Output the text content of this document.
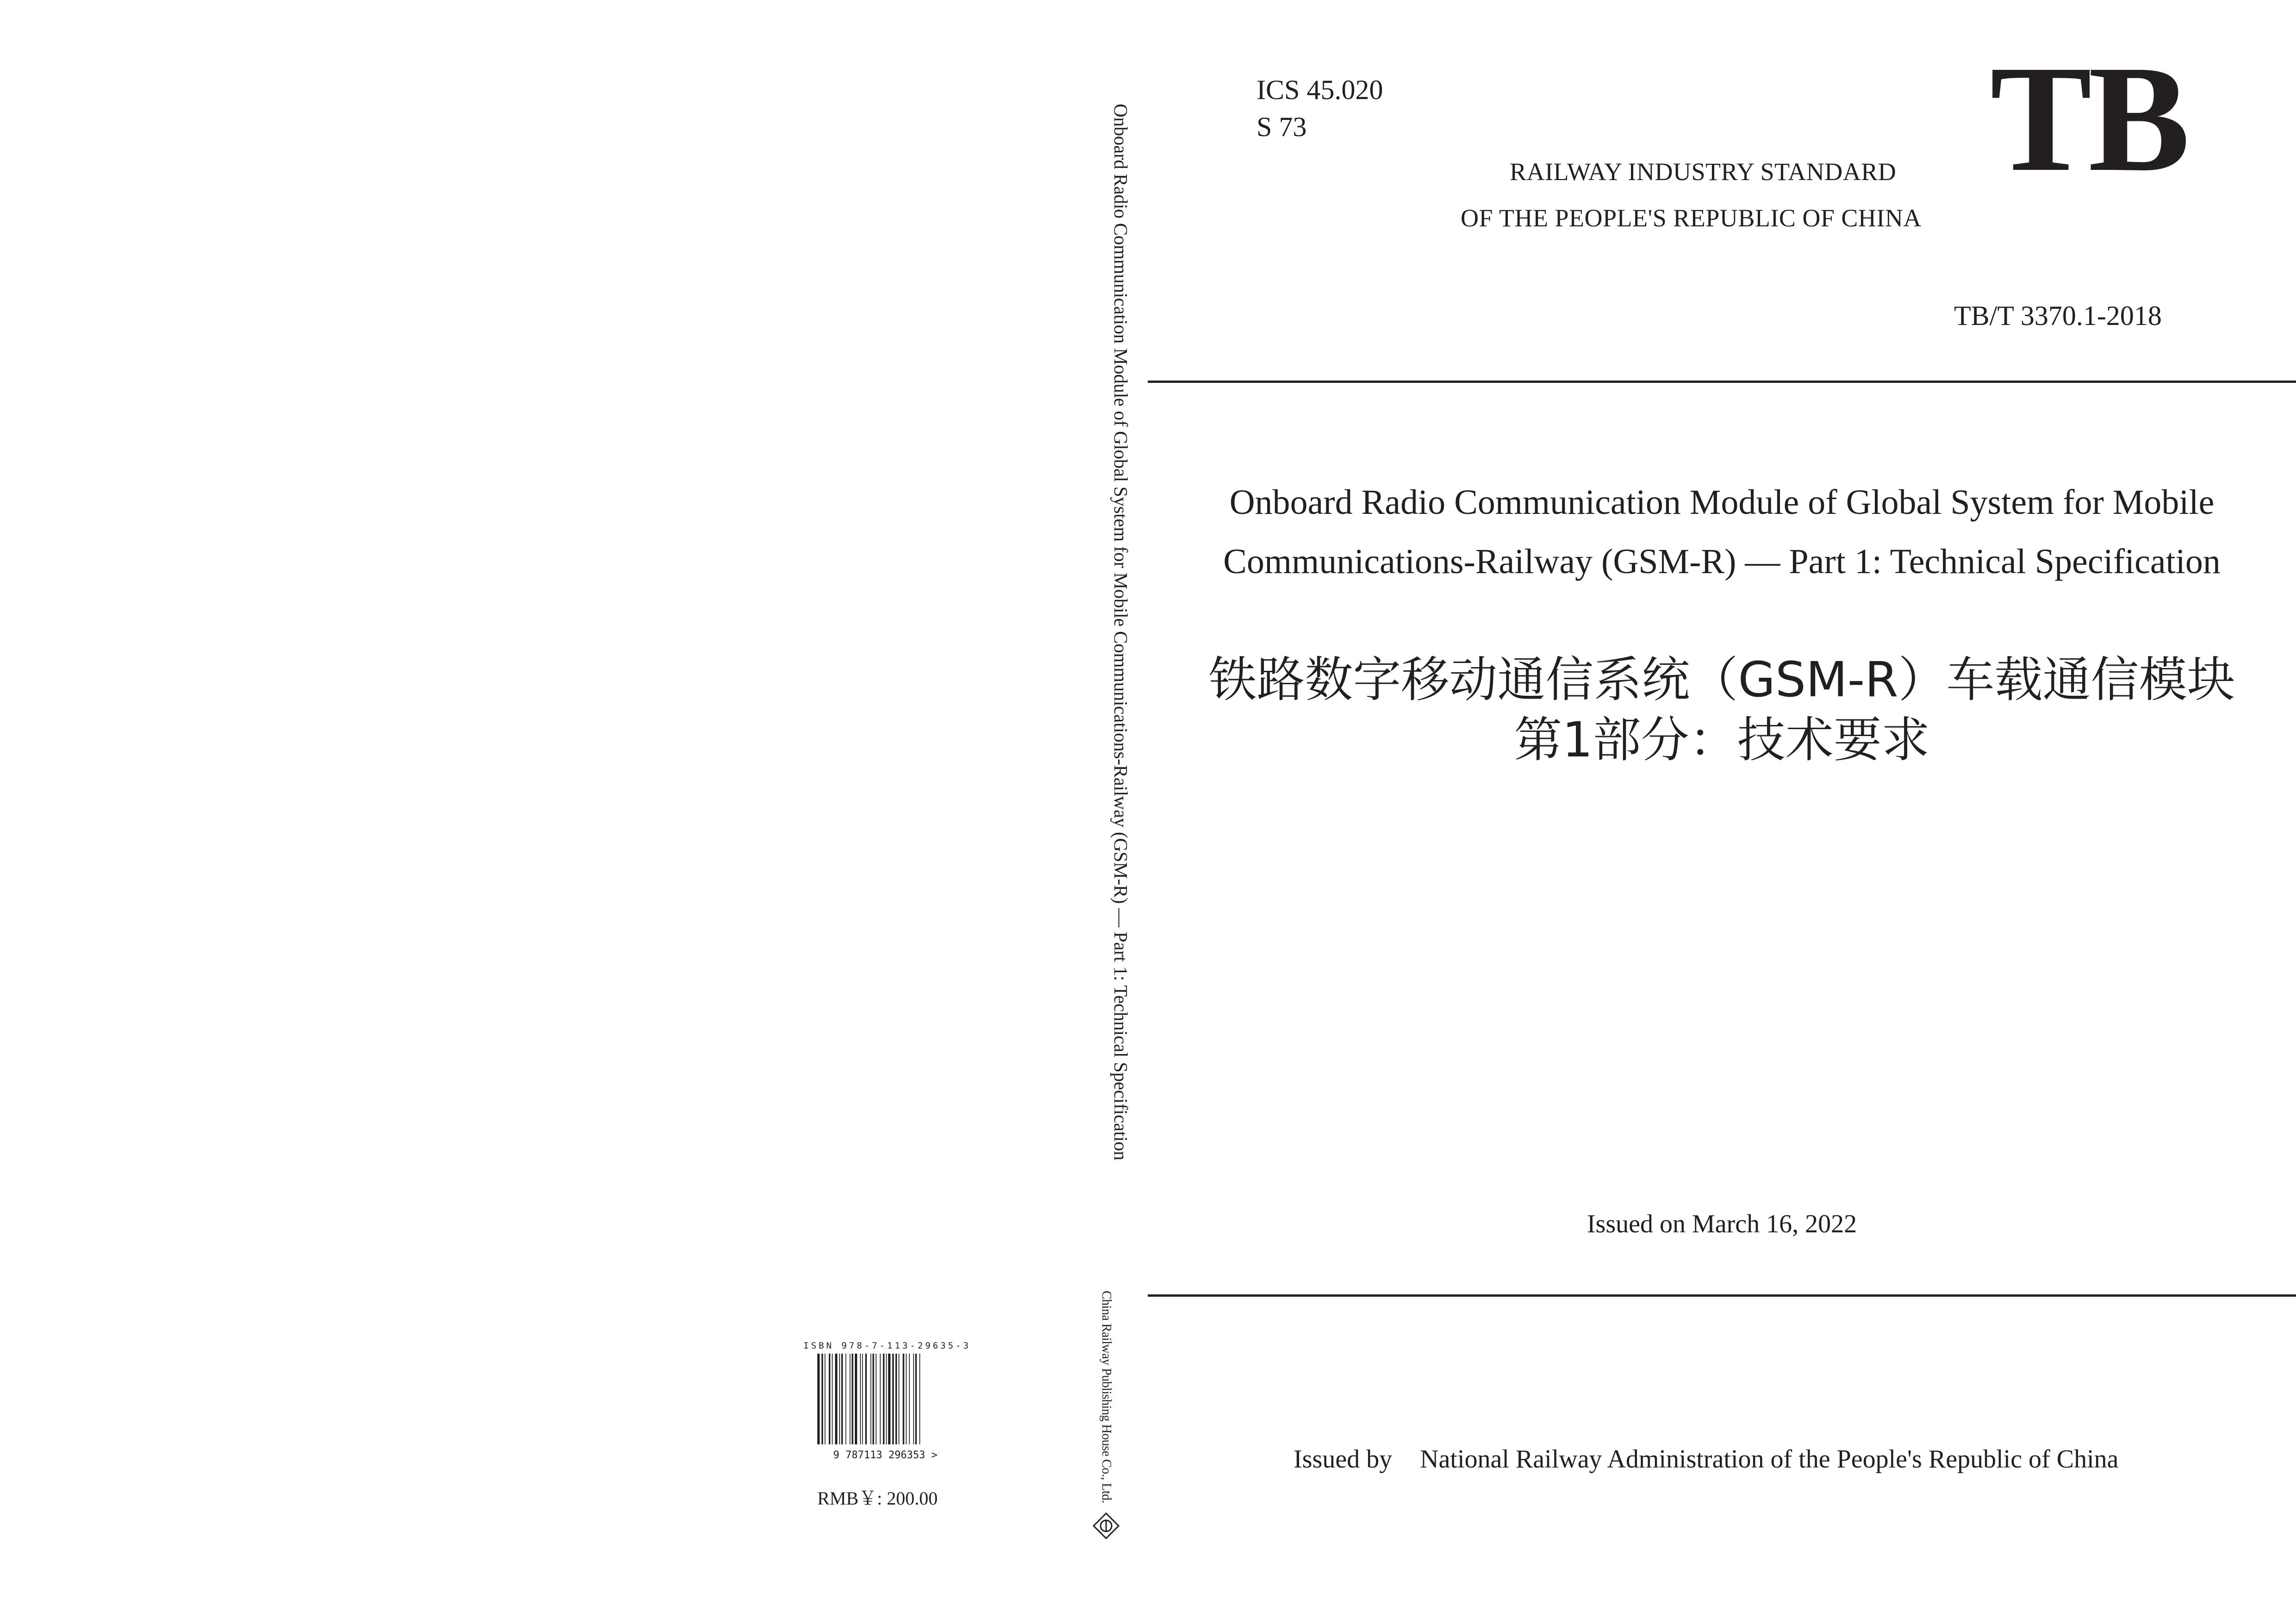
ISBN 978-7-113-29635-3
9 787113 296353 >
RMB￥: 200.00
Onboard Radio Communication Module of Global System for Mobile Communications-Railway (GSM-R) — Part 1: Technical Specification
China Railway Publishing House Co., Ltd.
ICS 45.020
S 73	TB
RAILWAY INDUSTRY STANDARD
OF THE PEOPLE'S REPUBLIC OF CHINA
TB/T 3370.1-2018
Onboard Radio Communication Module of Global System for Mobile
Communications-Railway (GSM-R) — Part 1: Technical Specification
铁路数字移动通信系统（GSM-R）车载通信模块
第1部分：技术要求
Issued on March 16, 2022
Issued by National Railway Administration of the People's Republic of China
